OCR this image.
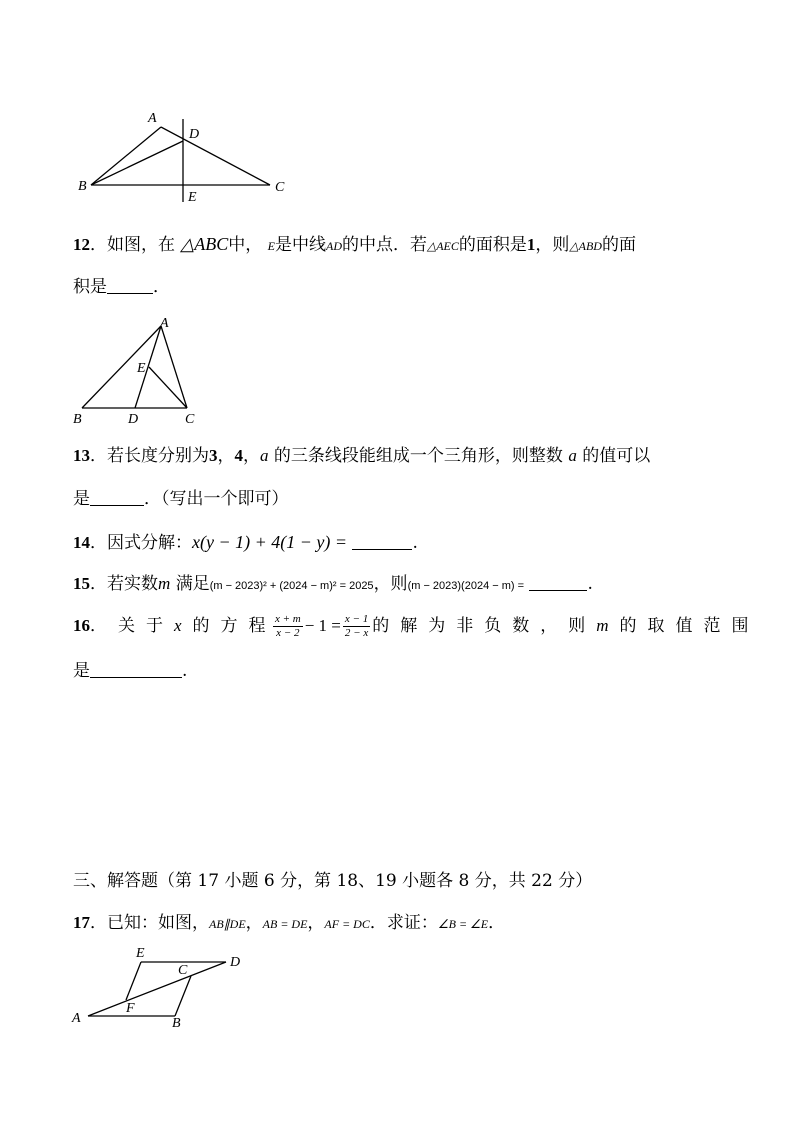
A
D
B	C
E
12．如图，在 △ABC中， E是中线AD的中点．若△AEC的面积是1，则△ABD的面
积是	．
A
E
B	D	C
13．若长度分别为3，4，a 的三条线段能组成一个三角形，则整数 a 的值可以
是	．（写出一个即可）
14．因式分解：x(y − 1) + 4(1 − y) =	.
15．若实数m 满足(m − 2023)² + (2024 − m)² = 2025，则(m − 2023)(2024 − m) =	.
16． 关 于 x 的 方 程 $\frac{x + m}{x - 2} - 1 = \frac{x - 1}{2 - x}$ 的 解 为 非 负 数 ， 则 m 的 取 值 范 围
是	.
三、解答题（第 17 小题 6 分，第 18、19 小题各 8 分，共 22 分）
17．已知：如图，AB∥DE，AB = DE，AF = DC．求证：∠B = ∠E．
E
C
D
F
A	B
